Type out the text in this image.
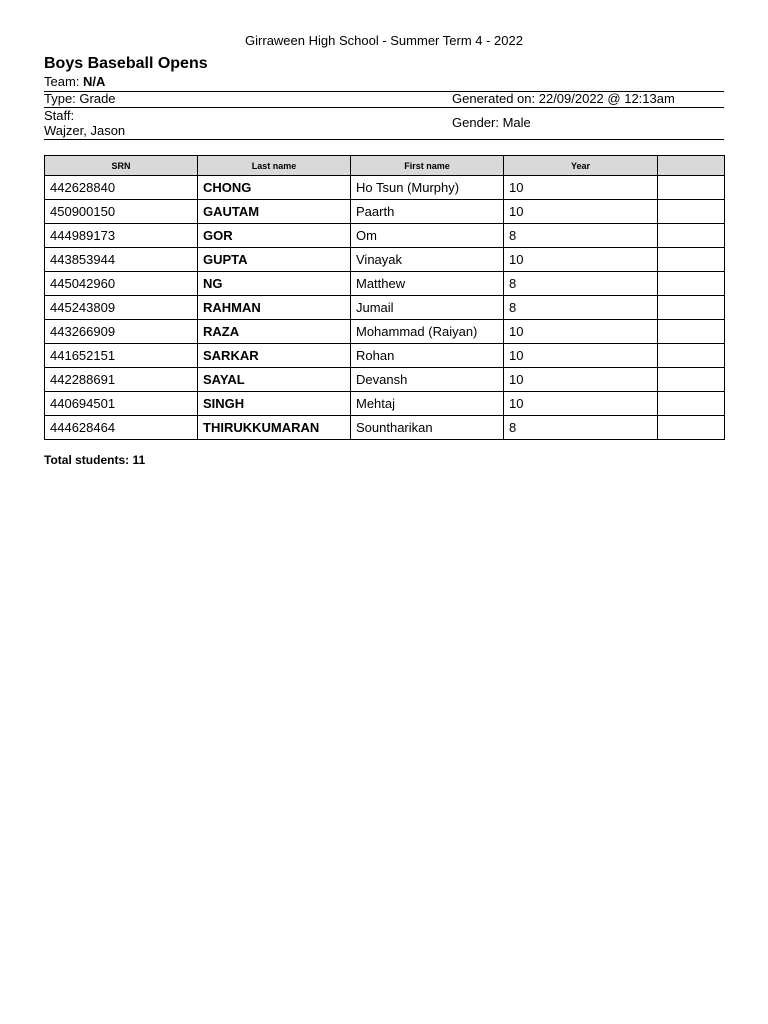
Girraween High School - Summer Term 4 - 2022
Boys Baseball Opens
Team: N/A
Type: Grade	Generated on: 22/09/2022 @ 12:13am
Staff:
Wajzer, Jason
Gender: Male
SRN	Last name	First name	Year	
442628840	CHONG	Ho Tsun (Murphy)	10	
450900150	GAUTAM	Paarth	10	
444989173	GOR	Om	8	
443853944	GUPTA	Vinayak	10	
445042960	NG	Matthew	8	
445243809	RAHMAN	Jumail	8	
443266909	RAZA	Mohammad (Raiyan)	10	
441652151	SARKAR	Rohan	10	
442288691	SAYAL	Devansh	10	
440694501	SINGH	Mehtaj	10	
444628464	THIRUKKUMARAN	Sountharikan	8	
Total students: 11
